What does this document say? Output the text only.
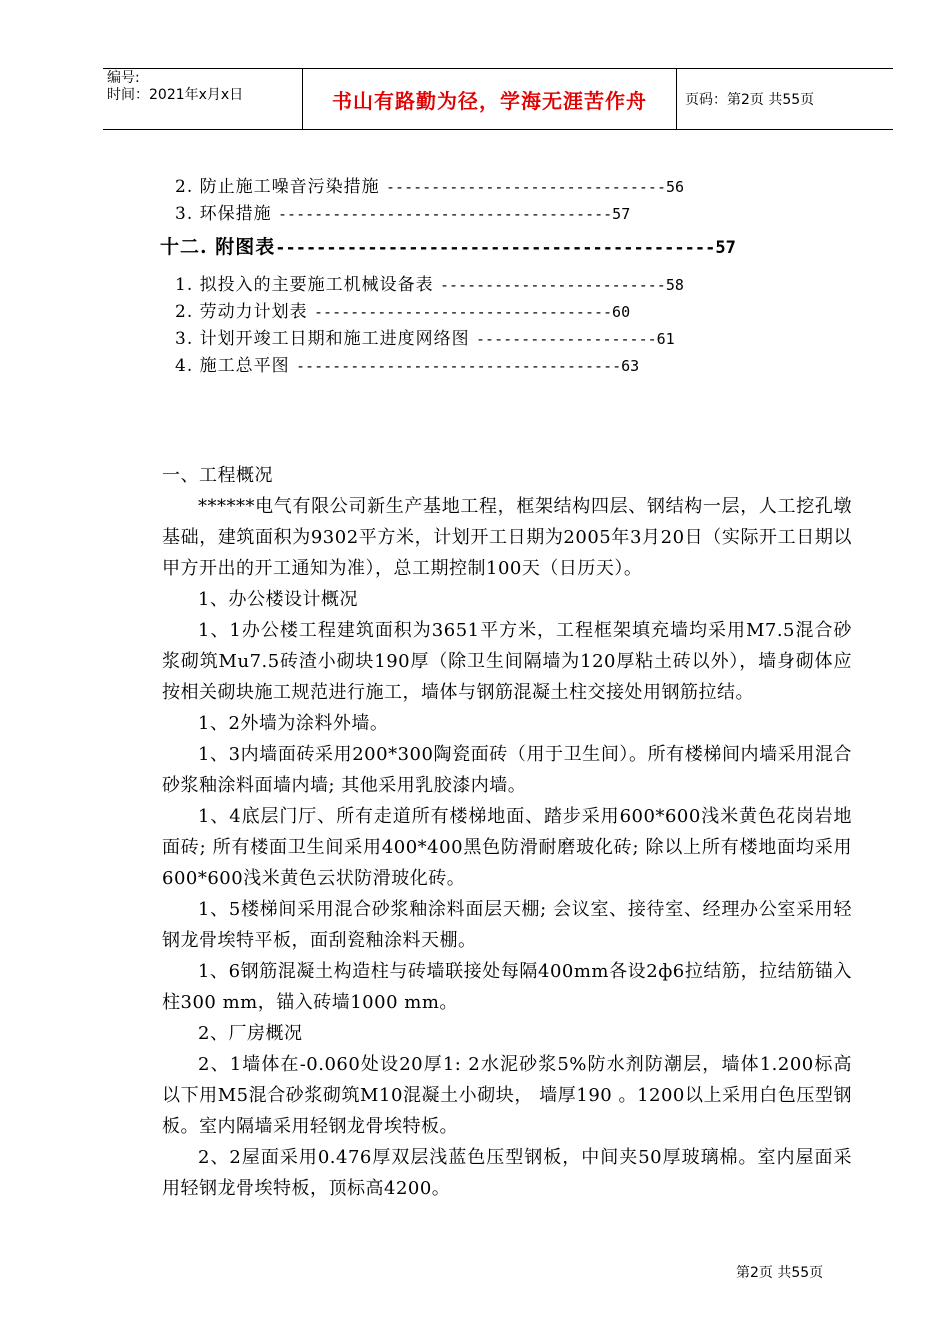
编号:
时间：2021年x月x日	书山有路勤为径，学海无涯苦作舟	页码：第2页 共55页
2. 防止施工噪音污染措施 -------------------------------56
3. 环保措施 -------------------------------------57
十二. 附图表-------------------------------------------57
1. 拟投入的主要施工机械设备表 -------------------------58
2. 劳动力计划表 ---------------------------------60
3. 计划开竣工日期和施工进度网络图 --------------------61
4. 施工总平图 ------------------------------------63

一、工程概况

******电气有限公司新生产基地工程，框架结构四层、钢结构一层，人工挖孔墩基础，建筑面积为9302平方米，计划开工日期为2005年3月20日（实际开工日期以甲方开出的开工通知为准），总工期控制100天（日历天）。

1、办公楼设计概况

1、1办公楼工程建筑面积为3651平方米，工程框架填充墙均采用M7.5混合砂浆砌筑Mu7.5砖渣小砌块190厚（除卫生间隔墙为120厚粘土砖以外），墙身砌体应按相关砌块施工规范进行施工，墙体与钢筋混凝土柱交接处用钢筋拉结。

1、2外墙为涂料外墙。

1、3内墙面砖采用200*300陶瓷面砖（用于卫生间）。所有楼梯间内墙采用混合砂浆釉涂料面墙内墙; 其他采用乳胶漆内墙。

1、4底层门厅、所有走道所有楼梯地面、踏步采用600*600浅米黄色花岗岩地面砖; 所有楼面卫生间采用400*400黑色防滑耐磨玻化砖; 除以上所有楼地面均采用600*600浅米黄色云状防滑玻化砖。

1、5楼梯间采用混合砂浆釉涂料面层天棚; 会议室、接待室、经理办公室采用轻钢龙骨埃特平板，面刮瓷釉涂料天棚。

1、6钢筋混凝土构造柱与砖墙联接处每隔400mm各设2ф6拉结筋，拉结筋锚入柱300 mm，锚入砖墙1000 mm。

2、厂房概况

2、1墙体在-0.060处设20厚1: 2水泥砂浆5%防水剂防潮层，墙体1.200标高以下用M5混合砂浆砌筑M10混凝土小砌块， 墙厚190 。1200以上采用白色压型钢板。室内隔墙采用轻钢龙骨埃特板。

2、2屋面采用0.476厚双层浅蓝色压型钢板，中间夹50厚玻璃棉。室内屋面采用轻钢龙骨埃特板，顶标高4200。

第2页 共55页
